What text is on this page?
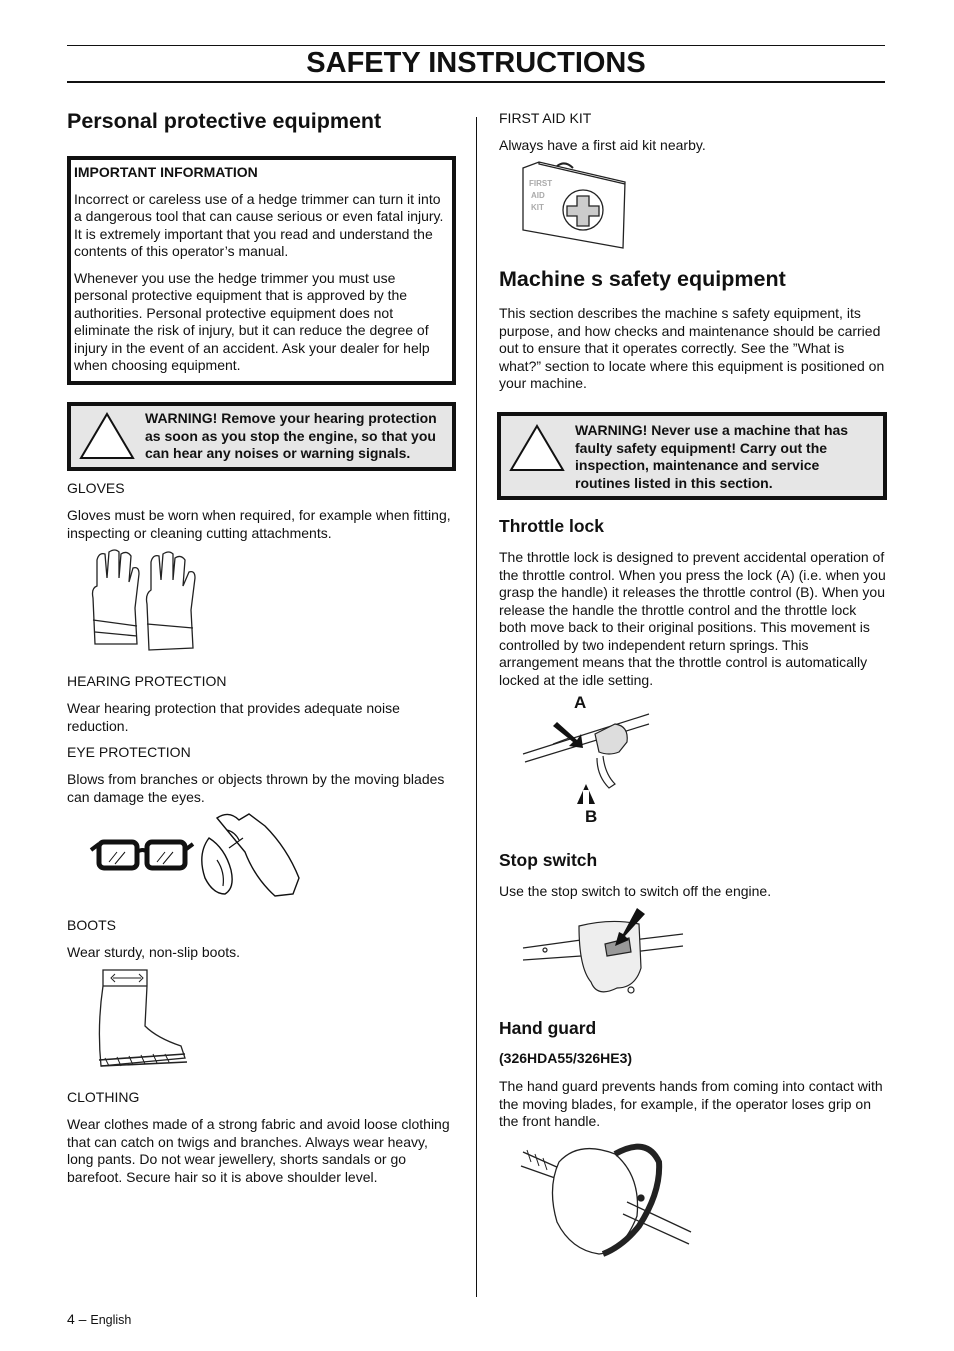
SAFETY INSTRUCTIONS
Personal protective equipment

IMPORTANT INFORMATION

Incorrect or careless use of a hedge trimmer can turn it into a dangerous tool that can cause serious or even fatal injury. It is extremely important that you read and understand the contents of this operator’s manual.

Whenever you use the hedge trimmer you must use personal protective equipment that is approved by the authorities. Personal protective equipment does not eliminate the risk of injury, but it can reduce the degree of injury in the event of an accident. Ask your dealer for help when choosing equipment.

WARNING! Remove your hearing protection as soon as you stop the engine, so that you can hear any noises or warning signals.

GLOVES

Gloves must be worn when required, for example when fitting, inspecting or cleaning cutting attachments.

HEARING PROTECTION

Wear hearing protection that provides adequate noise reduction.

EYE PROTECTION

Blows from branches or objects thrown by the moving blades can damage the eyes.

BOOTS

Wear sturdy, non-slip boots.

CLOTHING

Wear clothes made of a strong fabric and avoid loose clothing that can catch on twigs and branches. Always wear heavy, long pants. Do not wear jewellery, shorts sandals or go barefoot. Secure hair so it is above shoulder level.

FIRST AID KIT

Always have a first aid kit nearby.

FIRST
AID
KIT
Machine s safety equipment

This section describes the machine s safety equipment, its purpose, and how checks and maintenance should be carried out to ensure that it operates correctly. See the ”What is what?” section to locate where this equipment is positioned on your machine.

WARNING! Never use a machine that has faulty safety equipment! Carry out the inspection, maintenance and service routines listed in this section.
Throttle lock

The throttle lock is designed to prevent accidental operation of the throttle control. When you press the lock (A) (i.e. when you grasp the handle) it releases the throttle control (B). When you release the handle the throttle control and the throttle lock both move back to their original positions. This movement is controlled by two independent return springs. This arrangement means that the throttle control is automatically locked at the idle setting.

A
B
Stop switch

Use the stop switch to switch off the engine.

Hand guard

(326HDA55/326HE3)

The hand guard prevents hands from coming into contact with the moving blades, for example, if the operator loses grip on the front handle.

4 – English
